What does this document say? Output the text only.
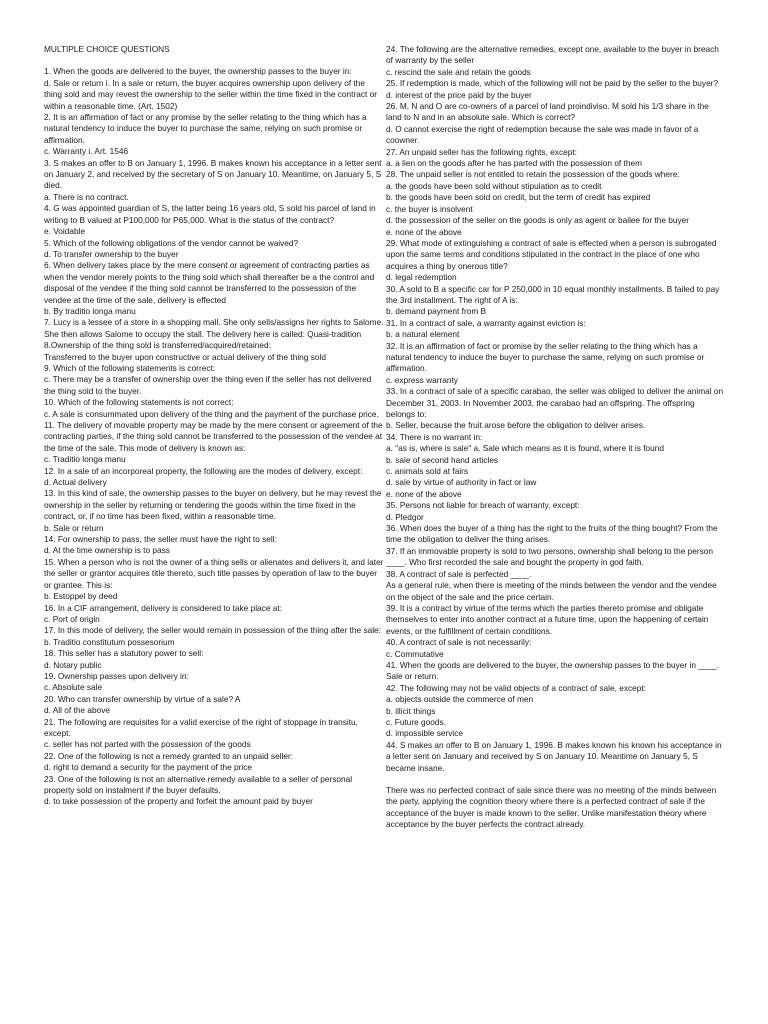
MULTIPLE CHOICE QUESTIONS

1. When the goods are delivered to the buyer, the ownership passes to the buyer in:

d. Sale or return i. In a sale or return, the buyer acquires ownership upon delivery of the thing sold and may revest the ownership to the seller within the time fixed in the contract or within a reasonable time. (Art. 1502)

2. It is an affirmation of fact or any promise by the seller relating to the thing which has a natural tendency to induce the buyer to purchase the same, relying on such promise or affirmation.

c. Warranty i. Art. 1546

3. S makes an offer to B on January 1, 1996. B makes known his acceptance in a letter sent on January 2, and received by the secretary of S on January 10. Meantime, on January 5, S died.

a. There is no contract.

4. G was appointed guardian of S, the latter being 16 years old, S sold his parcel of land in writing to B valued at P100,000 for P65,000. What is the status of the contract?

e. Voidable

5. Which of the following obligations of the vendor cannot be waived?

d. To transfer ownership to the buyer

6. When delivery takes place by the mere consent or agreement of contracting parties as when the vendor merely points to the thing sold which shall thereafter be a the control and disposal of the vendee if the thing sold cannot be transferred to the possession of the vendee at the time of the sale, delivery is effected

b. By traditio longa manu

7. Lucy is a lessee of a store in a shopping mall. She only sells/assigns her rights to Salome. She then allows Salome to occupy the stall. The delivery here is called: Quasi-tradition

8.Ownership of the thing sold is transferred/acquired/retained:

Transferred to the buyer upon constructive or actual delivery of the thing sold

9. Which of the following statements is correct:

c. There may be a transfer of ownership over the thing even if the seller has not delivered the thing sold to the buyer.

10. Which of the following statements is not correct:

c. A sale is consummated upon delivery of the thing and the payment of the purchase price.

11. The delivery of movable property may be made by the mere consent or agreement of the contracting parties, if the thing sold cannot be transferred to the possession of the vendee at the time of the sale. This mode of delivery is known as:

c. Traditio longa manu

12. In a sale of an incorporeal property, the following are the modes of delivery, except:

d. Actual delivery

13. In this kind of sale, the ownership passes to the buyer on delivery, but he may revest the ownership in the seller by returning or tendering the goods within the time fixed in the contract, or, if no time has been fixed, within a reasonable time.

b. Sale or return

14. For ownership to pass, the seller must have the right to sell:

d. At the time ownership is to pass

15. When a person who is not the owner of a thing sells or alienates and delivers it, and later the seller or grantor acquires title thereto, such title passes by operation of law to the buyer or grantee. This is:

b. Estoppel by deed

16. In a CIF arrangement, delivery is considered to take place at:

c. Port of origin

17. In this mode of delivery, the seller would remain in possession of the thing after the sale:

b. Traditio constitutum possesorium

18. This seller has a statutory power to sell:

d. Notary public

19. Ownership passes upon delivery in:

c. Absolute sale

20. Who can transfer ownership by virtue of a sale? A

d. All of the above

21. The following are requisites for a valid exercise of the right of stoppage in transitu, except:

c. seller has not parted with the possession of the goods

22. One of the following is not a remedy granted to an unpaid seller:

d. right to demand a security for the payment of the price

23. One of the following is not an alternative remedy available to a seller of personal property sold on instalment if the buyer defaults.

d. to take possession of the property and forfeit the amount paid by buyer

24. The following are the alternative remedies, except one, available to the buyer in breach of warranty by the seller

c. rescind the sale and retain the goods

25. If redemption is made, which of the following will not be paid by the seller to the buyer?

d. interest of the price paid by the buyer

26. M, N and O are co-owners of a parcel of land proindiviso. M sold his 1/3 share in the land to N and in an absolute sale. Which is correct?

d. O cannot exercise the right of redemption because the sale was made in favor of a coowner.

27. An unpaid seller has the following rights, except:

a. a lien on the goods after he has parted with the possession of them

28. The unpaid seller is not entitled to retain the possession of the goods where:

a. the goods have been sold without stipulation as to credit

b. the goods have been sold on credit, but the term of credit has expired

c. the buyer is insolvent

d. the possession of the seller on the goods is only as agent or bailee for the buyer

e. none of the above

29. What mode of extinguishing a contract of sale is effected when a person is subrogated upon the same terms and conditions stipulated in the contract in the place of one who acquires a thing by onerous title?

d. legal redemption

30. A sold to B a specific car for P 250,000 in 10 equal monthly installments. B failed to pay the 3rd installment. The right of A is:

b. demand payment from B

31. In a contract of sale, a warranty against eviction is:

b. a natural element

32. It is an affirmation of fact or promise by the seller relating to the thing which has a natural tendency to induce the buyer to purchase the same, relying on such promise or affirmation.

c. express warranty

33. In a contract of sale of a specific carabao, the seller was obliged to deliver the animal on December 31, 2003. In November 2003, the carabao had an offspring. The offspring belongs to:

b. Seller, because the fruit arose before the obligation to deliver arises.

34. There is no warrant in:

a. "as is, where is sale" a. Sale which means as it is found, where it is found

b. sale of second hand articles

c. animals sold at fairs

d. sale by virtue of authority in fact or law

e. none of the above

35. Persons not liable for breach of warranty, except:

d. Pledgor

36. When does the buyer of a thing has the right to the fruits of the thing bought? From the time the obligation to deliver the thing arises.

37. If an immovable property is sold to two persons, ownership shall belong to the person ____. Who first recorded the sale and bought the property in god faith.

38. A contract of sale is perfected ____.

As a general rule, when there is meeting of the minds between the vendor and the vendee on the object of the sale and the price certain.

39. It is a contract by virtue of the terms which the parties thereto promise and obligate themselves to enter into another contract at a future time, upon the happening of certain events, or the fulfillment of certain conditions.

40. A contract of sale is not necessarily:

c. Commutative

41. When the goods are delivered to the buyer, the ownership passes to the buyer in ____.

Sale or return.

42. The following may not be valid objects of a contract of sale, except:

a. objects outside the commerce of men

b. illicit things

c. Future goods.

d. impossible service

44. S makes an offer to B on January 1, 1996. B makes known his known his acceptance in a letter sent on January and received by S on January 10. Meantime on January 5, S became insane.

There was no perfected contract of sale since there was no meeting of the minds between the party, applying the cognition theory where there is a perfected contract of sale if the acceptance of the buyer is made known to the seller. Unlike manifestation theory where acceptance by the buyer perfects the contract already.
